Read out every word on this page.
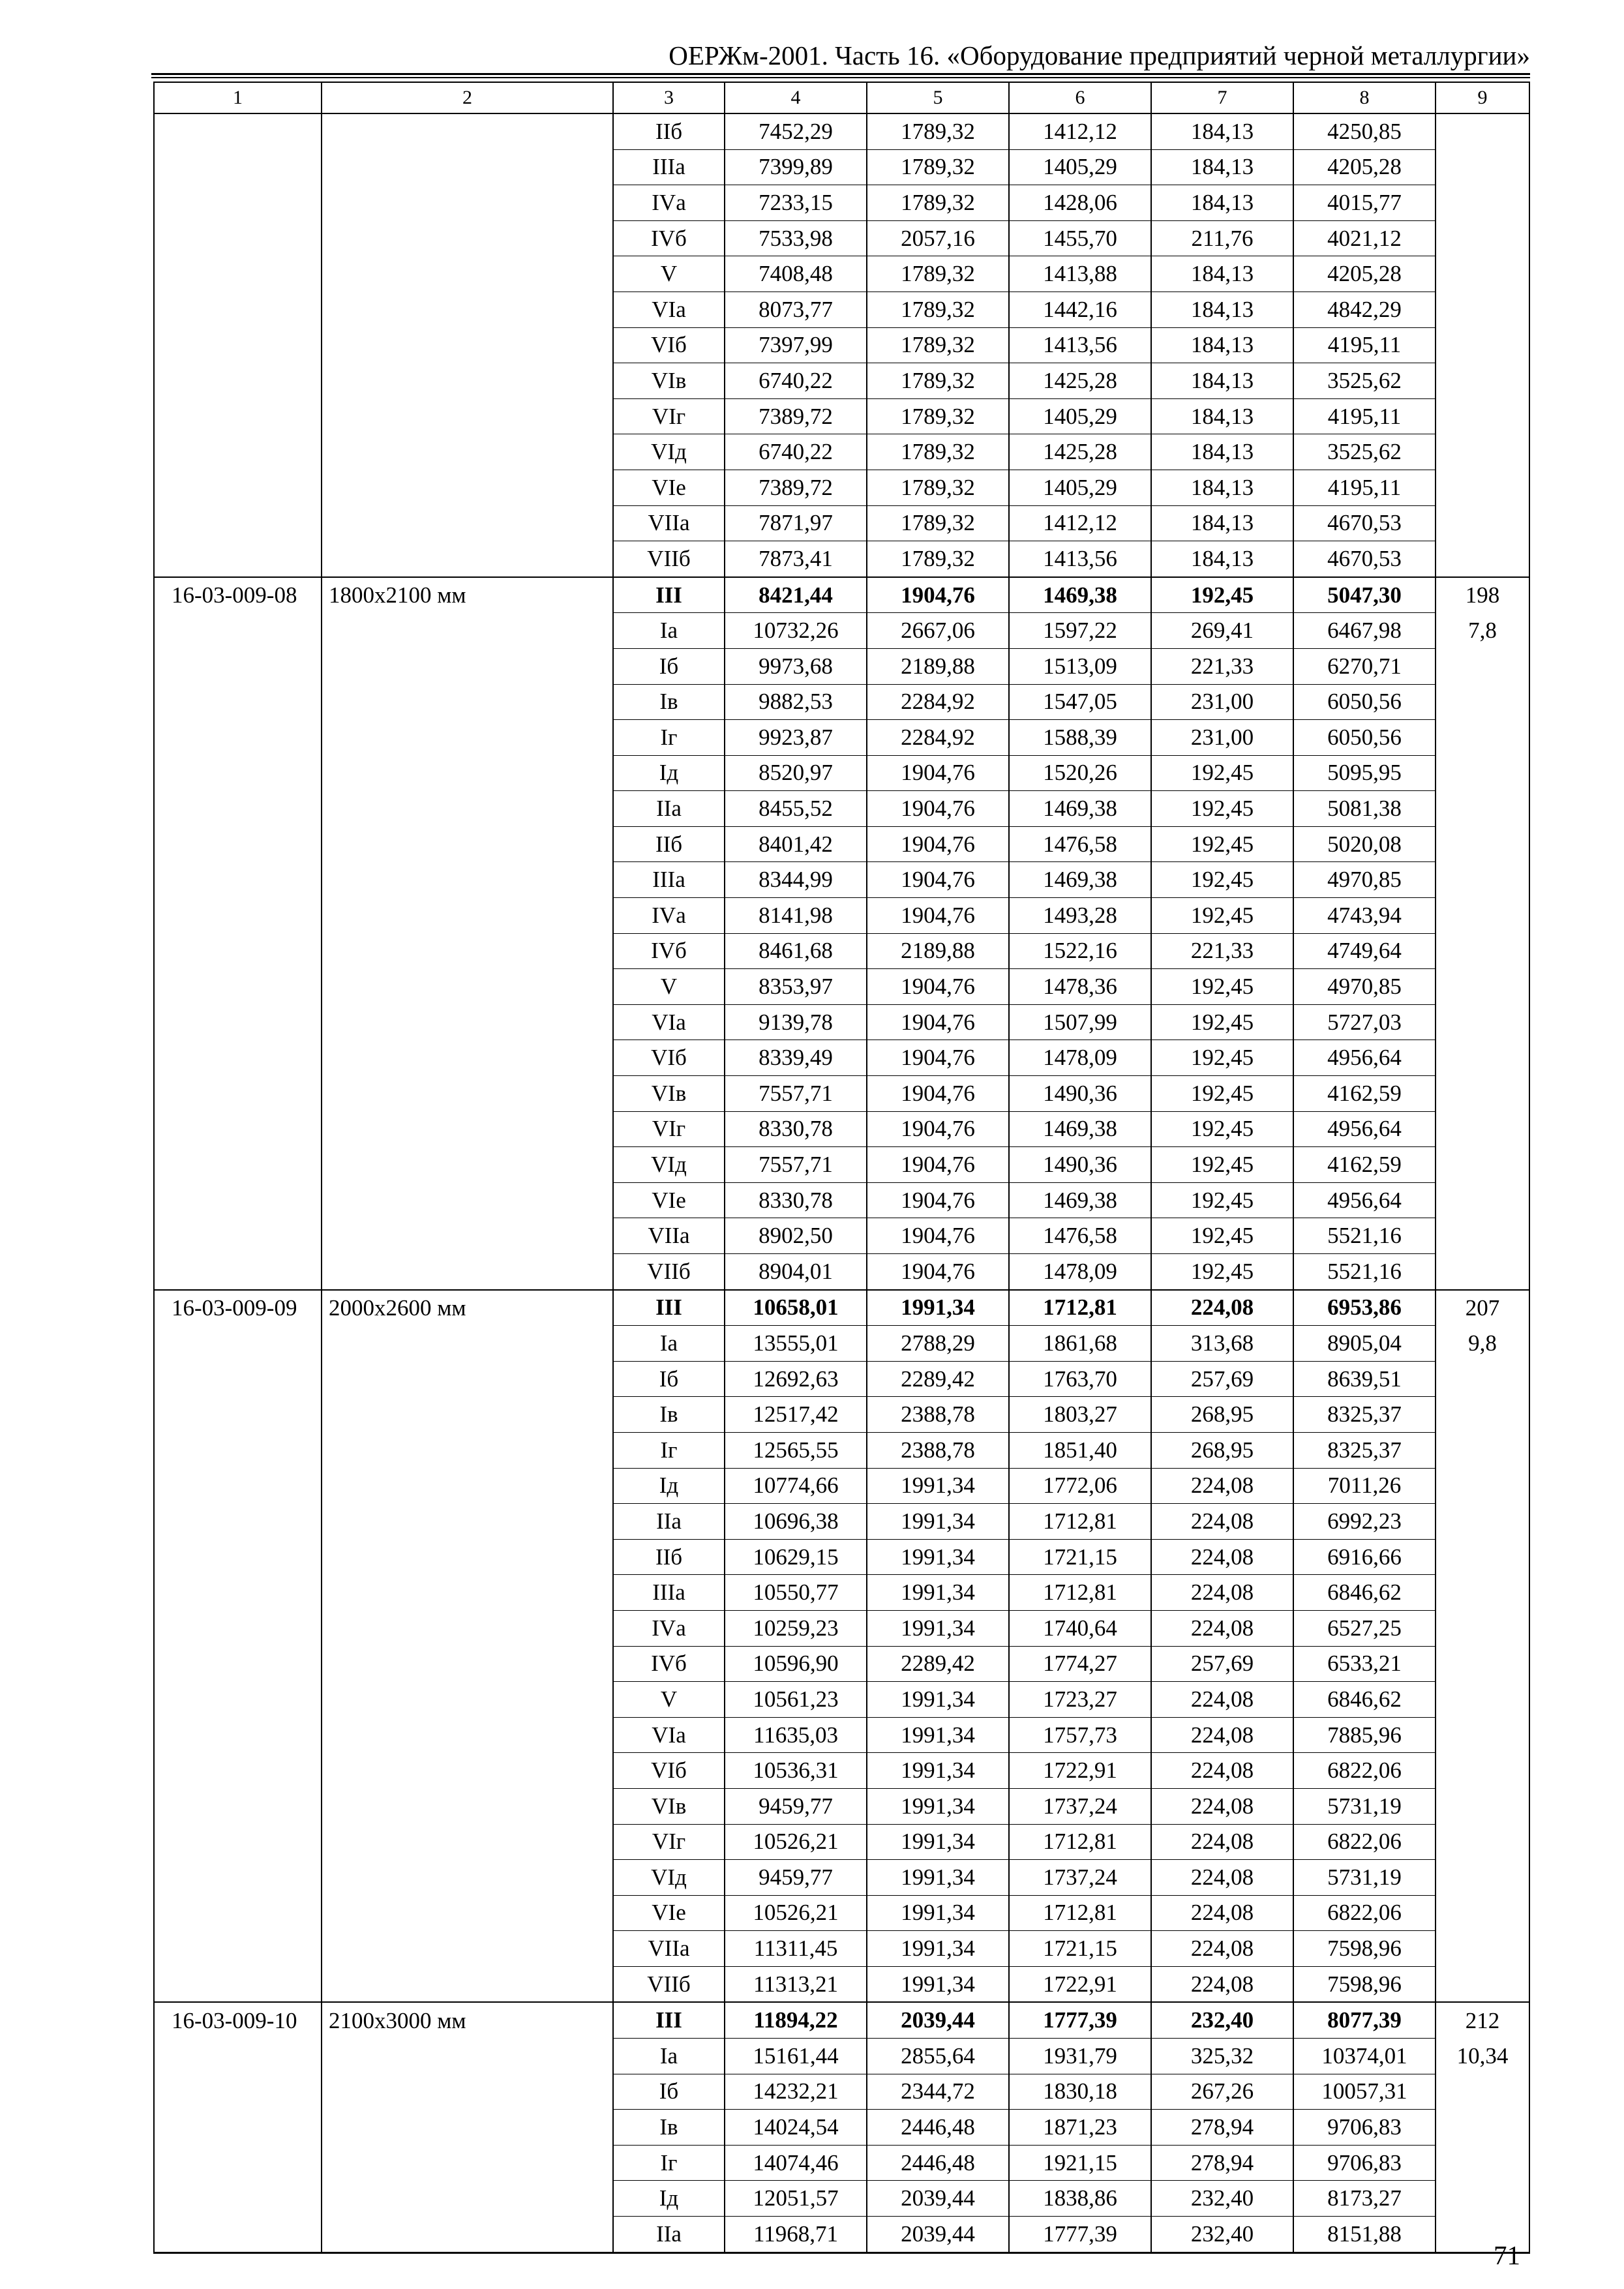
ОЕРЖм-2001. Часть 16. «Оборудование предприятий черной металлургии»
1	2	3	4	5	6	7	8	9
		IIб	7452,29	1789,32	1412,12	184,13	4250,85	
		IIIа	7399,89	1789,32	1405,29	184,13	4205,28	
		IVа	7233,15	1789,32	1428,06	184,13	4015,77	
		IVб	7533,98	2057,16	1455,70	211,76	4021,12	
		V	7408,48	1789,32	1413,88	184,13	4205,28	
		VIа	8073,77	1789,32	1442,16	184,13	4842,29	
		VIб	7397,99	1789,32	1413,56	184,13	4195,11	
		VIв	6740,22	1789,32	1425,28	184,13	3525,62	
		VIг	7389,72	1789,32	1405,29	184,13	4195,11	
		VIд	6740,22	1789,32	1425,28	184,13	3525,62	
		VIе	7389,72	1789,32	1405,29	184,13	4195,11	
		VIIа	7871,97	1789,32	1412,12	184,13	4670,53	
		VIIб	7873,41	1789,32	1413,56	184,13	4670,53	
16-03-009-08	1800х2100 мм	III	8421,44	1904,76	1469,38	192,45	5047,30	198
		Iа	10732,26	2667,06	1597,22	269,41	6467,98	7,8
		Iб	9973,68	2189,88	1513,09	221,33	6270,71	
		Iв	9882,53	2284,92	1547,05	231,00	6050,56	
		Iг	9923,87	2284,92	1588,39	231,00	6050,56	
		Iд	8520,97	1904,76	1520,26	192,45	5095,95	
		IIа	8455,52	1904,76	1469,38	192,45	5081,38	
		IIб	8401,42	1904,76	1476,58	192,45	5020,08	
		IIIа	8344,99	1904,76	1469,38	192,45	4970,85	
		IVа	8141,98	1904,76	1493,28	192,45	4743,94	
		IVб	8461,68	2189,88	1522,16	221,33	4749,64	
		V	8353,97	1904,76	1478,36	192,45	4970,85	
		VIа	9139,78	1904,76	1507,99	192,45	5727,03	
		VIб	8339,49	1904,76	1478,09	192,45	4956,64	
		VIв	7557,71	1904,76	1490,36	192,45	4162,59	
		VIг	8330,78	1904,76	1469,38	192,45	4956,64	
		VIд	7557,71	1904,76	1490,36	192,45	4162,59	
		VIе	8330,78	1904,76	1469,38	192,45	4956,64	
		VIIа	8902,50	1904,76	1476,58	192,45	5521,16	
		VIIб	8904,01	1904,76	1478,09	192,45	5521,16	
16-03-009-09	2000х2600 мм	III	10658,01	1991,34	1712,81	224,08	6953,86	207
		Iа	13555,01	2788,29	1861,68	313,68	8905,04	9,8
		Iб	12692,63	2289,42	1763,70	257,69	8639,51	
		Iв	12517,42	2388,78	1803,27	268,95	8325,37	
		Iг	12565,55	2388,78	1851,40	268,95	8325,37	
		Iд	10774,66	1991,34	1772,06	224,08	7011,26	
		IIа	10696,38	1991,34	1712,81	224,08	6992,23	
		IIб	10629,15	1991,34	1721,15	224,08	6916,66	
		IIIа	10550,77	1991,34	1712,81	224,08	6846,62	
		IVа	10259,23	1991,34	1740,64	224,08	6527,25	
		IVб	10596,90	2289,42	1774,27	257,69	6533,21	
		V	10561,23	1991,34	1723,27	224,08	6846,62	
		VIа	11635,03	1991,34	1757,73	224,08	7885,96	
		VIб	10536,31	1991,34	1722,91	224,08	6822,06	
		VIв	9459,77	1991,34	1737,24	224,08	5731,19	
		VIг	10526,21	1991,34	1712,81	224,08	6822,06	
		VIд	9459,77	1991,34	1737,24	224,08	5731,19	
		VIе	10526,21	1991,34	1712,81	224,08	6822,06	
		VIIа	11311,45	1991,34	1721,15	224,08	7598,96	
		VIIб	11313,21	1991,34	1722,91	224,08	7598,96	
16-03-009-10	2100х3000 мм	III	11894,22	2039,44	1777,39	232,40	8077,39	212
		Iа	15161,44	2855,64	1931,79	325,32	10374,01	10,34
		Iб	14232,21	2344,72	1830,18	267,26	10057,31	
		Iв	14024,54	2446,48	1871,23	278,94	9706,83	
		Iг	14074,46	2446,48	1921,15	278,94	9706,83	
		Iд	12051,57	2039,44	1838,86	232,40	8173,27	
		IIа	11968,71	2039,44	1777,39	232,40	8151,88	
71
